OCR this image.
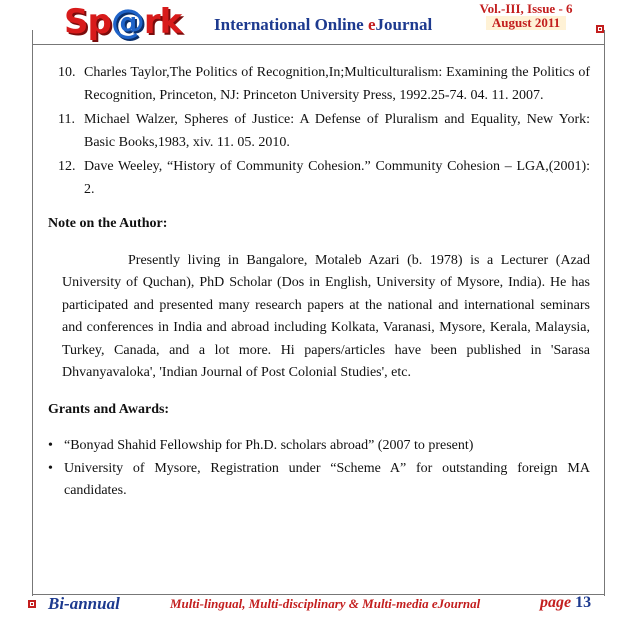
Sp@rk International Online eJournal
Vol.-III, Issue - 6
August 2011
10. Charles Taylor,The Politics of Recognition,In;Multiculturalism: Examining the Politics of Recognition, Princeton, NJ: Princeton University Press, 1992.25-74. 04. 11. 2007.
11. Michael Walzer, Spheres of Justice: A Defense of Pluralism and Equality, New York: Basic Books,1983, xiv. 11. 05. 2010.
12. Dave Weeley, “History of Community Cohesion.” Community Cohesion – LGA,(2001): 2.
Note on the Author:

Presently living in Bangalore, Motaleb Azari (b. 1978) is a Lecturer (Azad University of Quchan), PhD Scholar (Dos in English, University of Mysore, India). He has participated and presented many research papers at the national and international seminars and conferences in India and abroad including Kolkata, Varanasi, Mysore, Kerala, Malaysia, Turkey, Canada, and a lot more. Hi papers/articles have been published in 'Sarasa Dhvanyavaloka', 'Indian Journal of Post Colonial Studies', etc.

Grants and Awards:
• “Bonyad Shahid Fellowship for Ph.D. scholars abroad” (2007 to present)
• University of Mysore, Registration under “Scheme A” for outstanding foreign MA candidates.
Bi-annual	Multi-lingual, Multi-disciplinary & Multi-media eJournal	page 13
